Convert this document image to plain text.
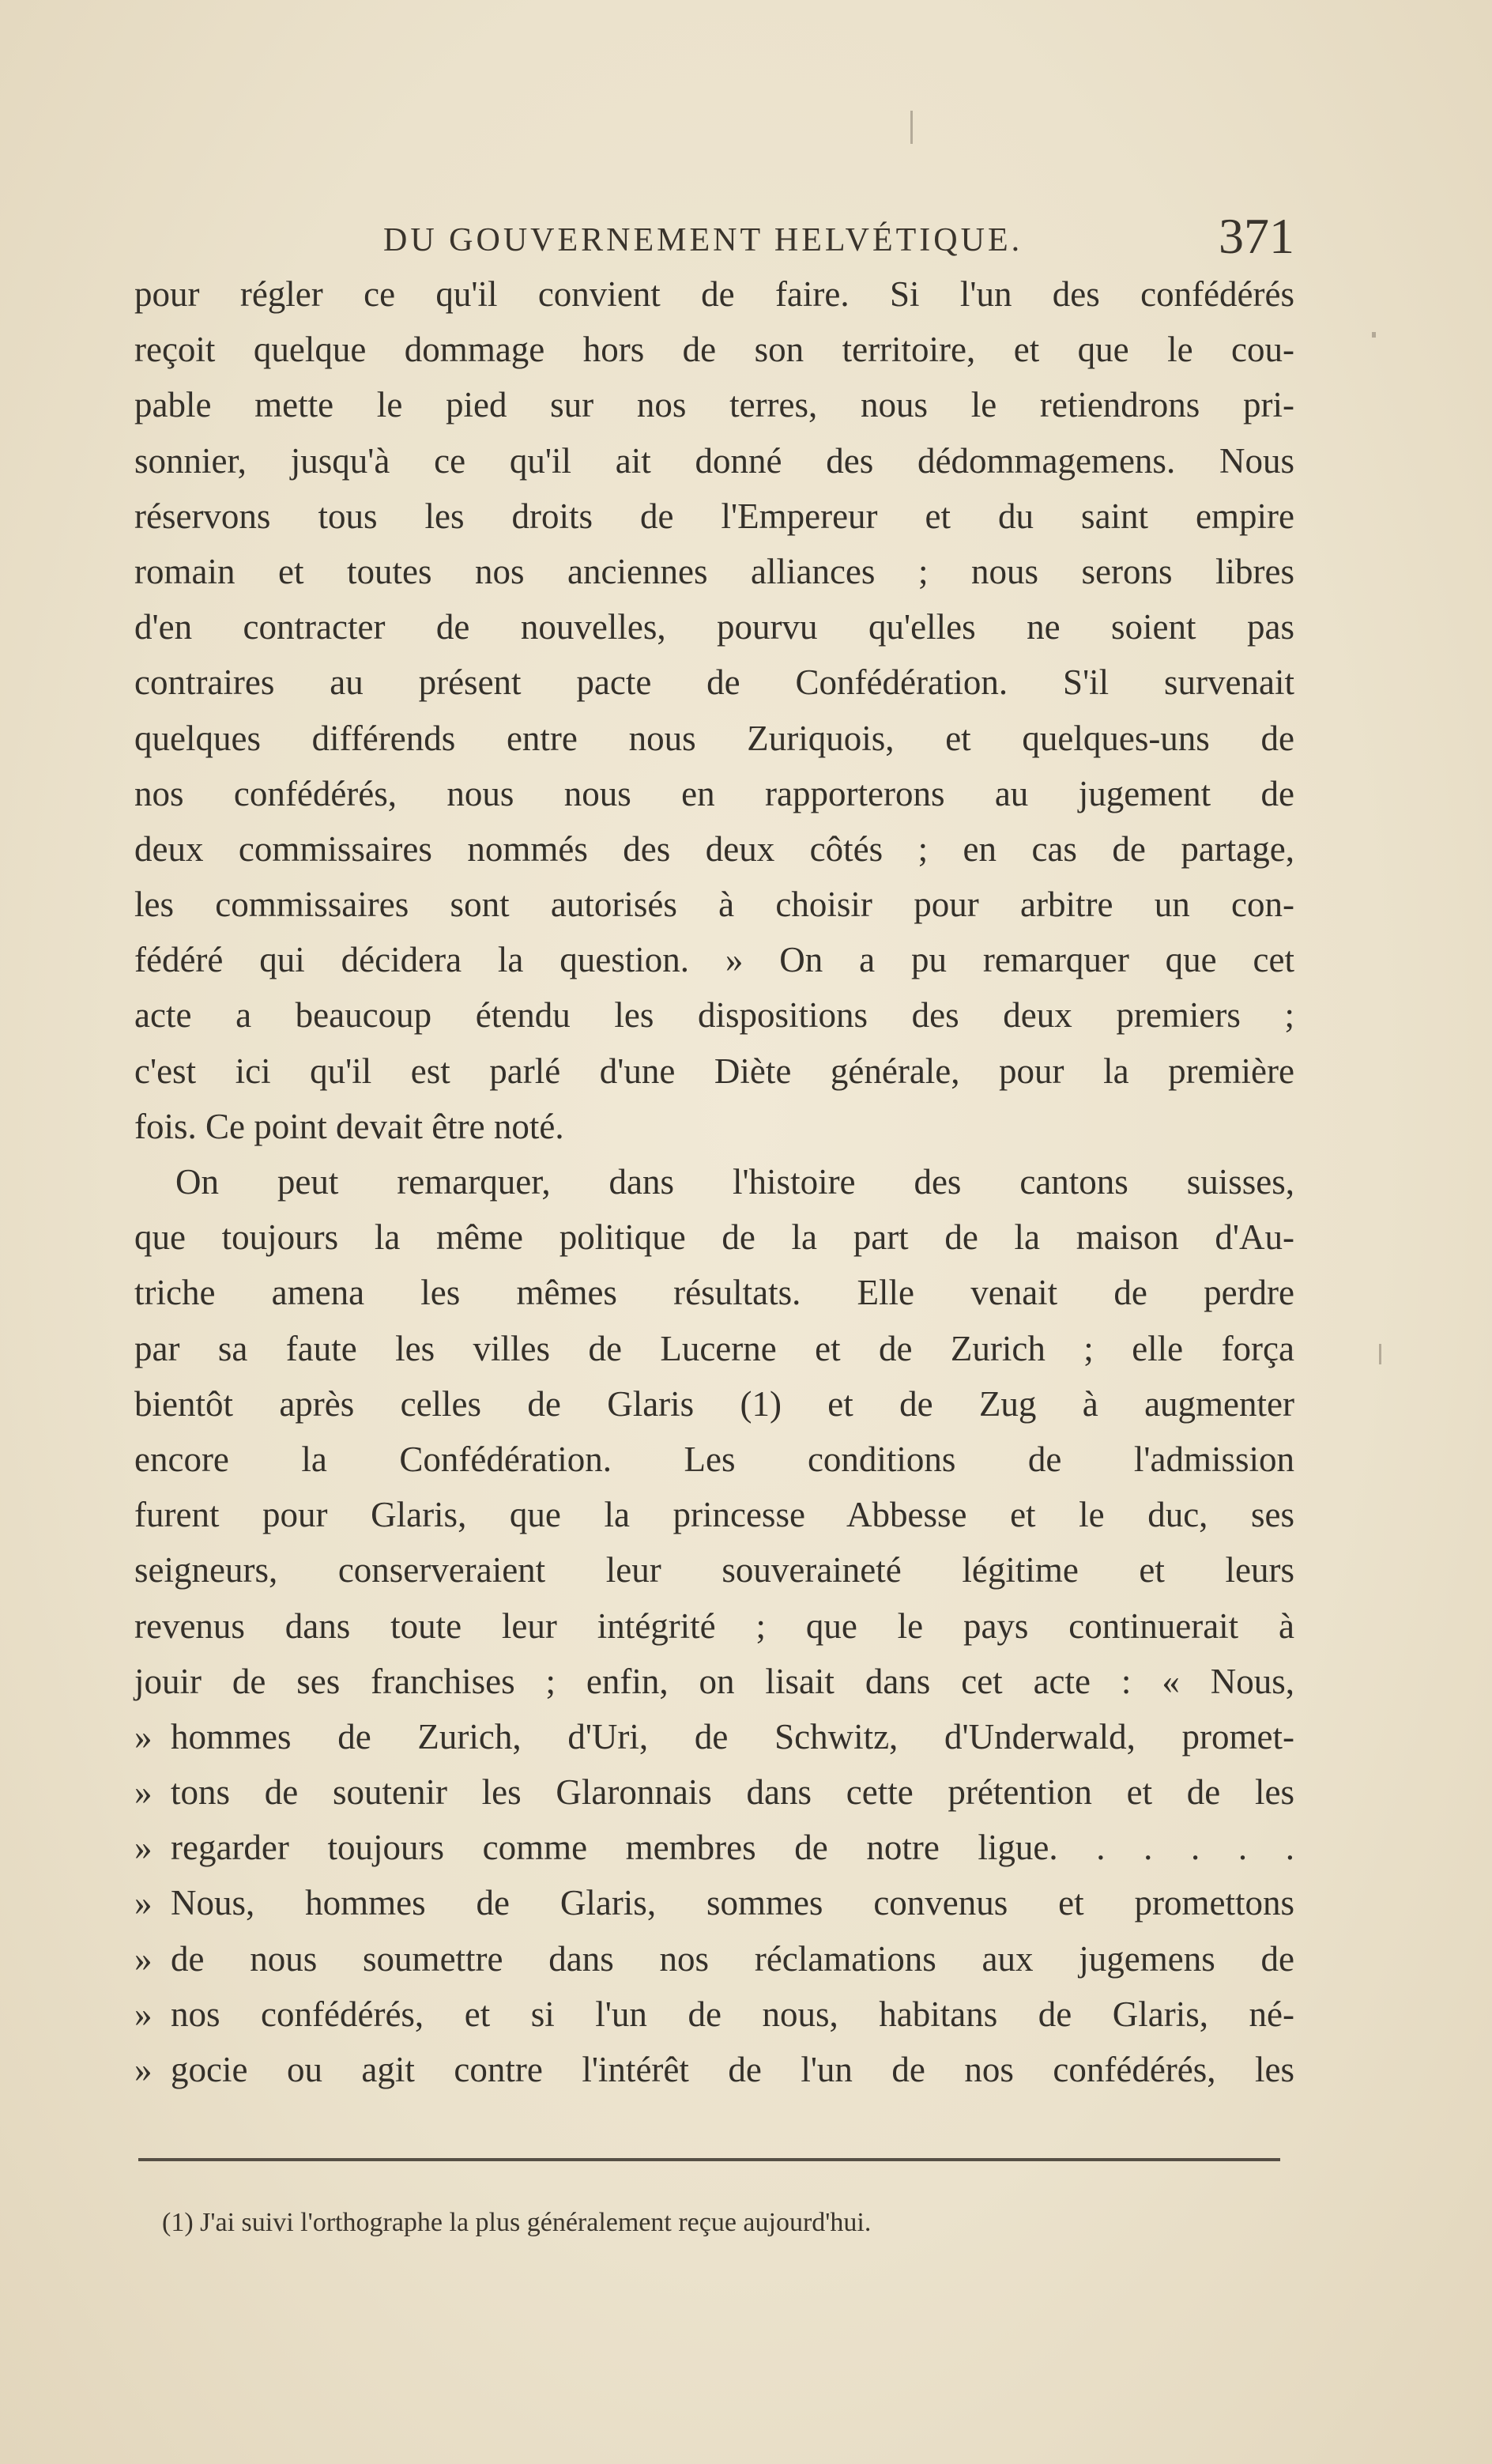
DU GOUVERNEMENT HELVÉTIQUE.	371
pour régler ce qu'il convient de faire. Si l'un des confédérés
reçoit quelque dommage hors de son territoire, et que le cou-
pable mette le pied sur nos terres, nous le retiendrons pri-
sonnier, jusqu'à ce qu'il ait donné des dédommagemens. Nous
réservons tous les droits de l'Empereur et du saint empire
romain et toutes nos anciennes alliances ; nous serons libres
d'en contracter de nouvelles, pourvu qu'elles ne soient pas
contraires au présent pacte de Confédération. S'il survenait
quelques différends entre nous Zuriquois, et quelques-uns de
nos confédérés, nous nous en rapporterons au jugement de
deux commissaires nommés des deux côtés ; en cas de partage,
les commissaires sont autorisés à choisir pour arbitre un con-
fédéré qui décidera la question. » On a pu remarquer que cet
acte a beaucoup étendu les dispositions des deux premiers ;
c'est ici qu'il est parlé d'une Diète générale, pour la première
fois. Ce point devait être noté.
On peut remarquer, dans l'histoire des cantons suisses,
que toujours la même politique de la part de la maison d'Au-
triche amena les mêmes résultats. Elle venait de perdre
par sa faute les villes de Lucerne et de Zurich ; elle força
bientôt après celles de Glaris (1) et de Zug à augmenter
encore la Confédération. Les conditions de l'admission
furent pour Glaris, que la princesse Abbesse et le duc, ses
seigneurs, conserveraient leur souveraineté légitime et leurs
revenus dans toute leur intégrité ; que le pays continuerait à
jouir de ses franchises ; enfin, on lisait dans cet acte : « Nous,
» hommes de Zurich, d'Uri, de Schwitz, d'Underwald, promet-
» tons de soutenir les Glaronnais dans cette prétention et de les
» regarder toujours comme membres de notre ligue. . . . . .
» Nous, hommes de Glaris, sommes convenus et promettons
» de nous soumettre dans nos réclamations aux jugemens de
» nos confédérés, et si l'un de nous, habitans de Glaris, né-
» gocie ou agit contre l'intérêt de l'un de nos confédérés, les
(1) J'ai suivi l'orthographe la plus généralement reçue aujourd'hui.
